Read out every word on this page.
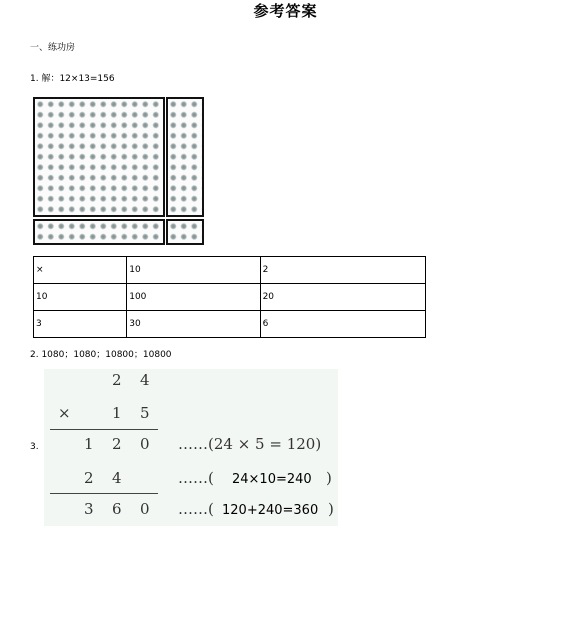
参考答案
一、练功房
1. 解：12×13=156
×	10	2
10	100	20
3	30	6
2. 1080；1080；10800；10800
3.
2 4
×	1 5
1 2 0 ……(24 × 5 = 120)
2 4	……( 24×10=240 )
3 6 0 ……( 120+240=360 )
